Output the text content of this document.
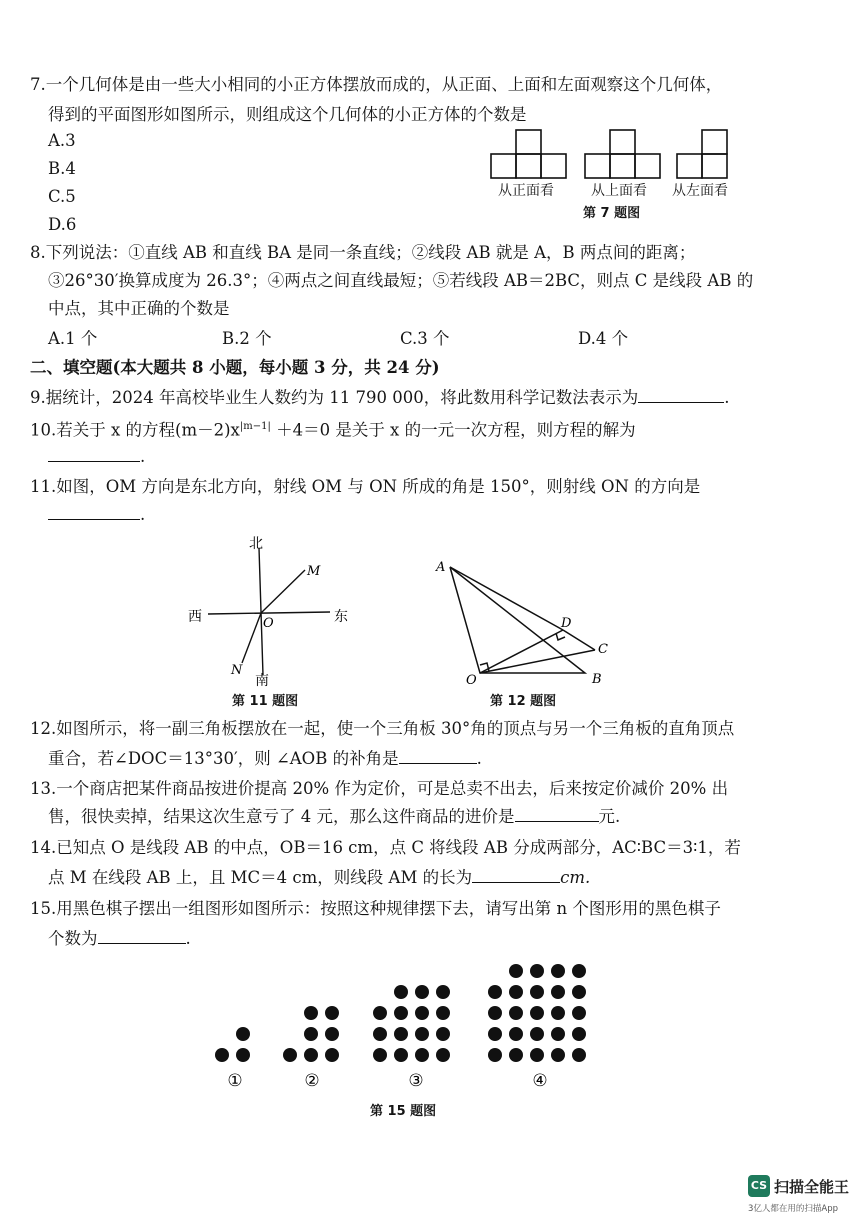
7.一个几何体是由一些大小相同的小正方体摆放而成的，从正面、上面和左面观察这个几何体，
得到的平面图形如图所示，则组成这个几何体的小正方体的个数是
A.3
B.4
C.5
D.6
从正面看	从上面看 从左面看
第 7 题图
8.下列说法：①直线 AB 和直线 BA 是同一条直线；②线段 AB 就是 A，B 两点间的距离；
③26°30′换算成度为 26.3°；④两点之间直线最短；⑤若线段 AB＝2BC，则点 C 是线段 AB 的
中点，其中正确的个数是
A.1 个	B.2 个	C.3 个	D.4 个
二、填空题(本大题共 8 小题，每小题 3 分，共 24 分)
9.据统计，2024 年高校毕业生人数约为 11 790 000，将此数用科学记数法表示为	.
10.若关于 x 的方程$(m-2)x^{|m-1|} +4=0$ 是关于 x 的一元一次方程，则方程的解为
.
11.如图，OM 方向是东北方向，射线 OM 与 ON 所成的角是 150°，则射线 ON 的方向是
.
北
南
西	东
O
M
N
第 11 题图
A
O	B
C
D
第 12 题图
12.如图所示，将一副三角板摆放在一起，使一个三角板 30°角的顶点与另一个三角板的直角顶点
重合，若∠DOC＝13°30′，则 ∠AOB 的补角是	.
13.一个商店把某件商品按进价提高 20% 作为定价，可是总卖不出去，后来按定价减价 20% 出
售，很快卖掉，结果这次生意亏了 4 元，那么这件商品的进价是	元.
14.已知点 O 是线段 AB 的中点，OB＝16 cm，点 C 将线段 AB 分成两部分，AC∶BC＝3∶1，若
点 M 在线段 AB 上，且 MC＝4 cm，则线段 AM 的长为	cm.
15.用黑色棋子摆出一组图形如图所示：按照这种规律摆下去，请写出第 n 个图形用的黑色棋子
个数为	.
①	②	③	④
第 15 题图
CS 扫描全能王
3亿人都在用的扫描App
